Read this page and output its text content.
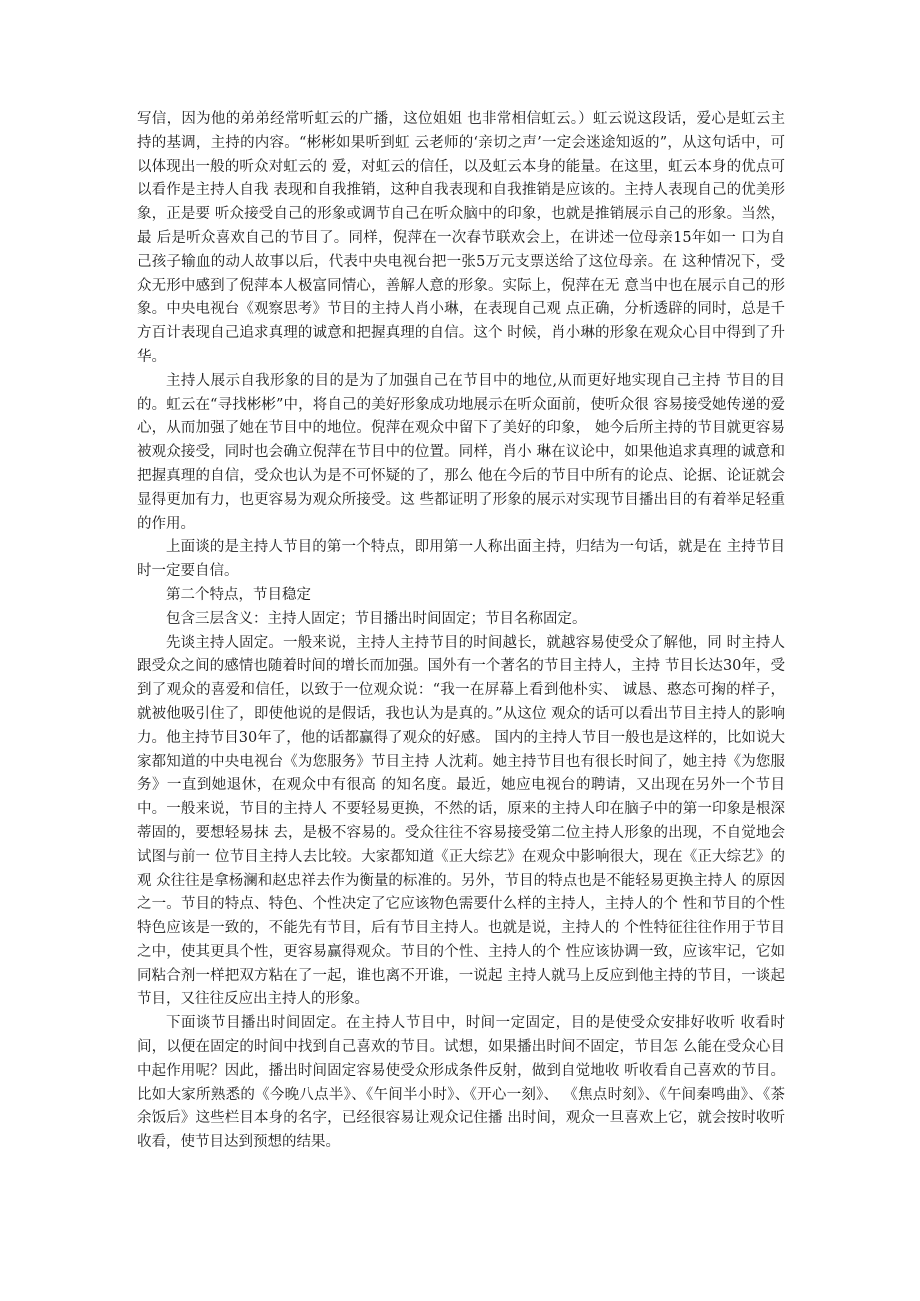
写信，因为他的弟弟经常听虹云的广播，这位姐姐 也非常相信虹云。）虹云说这段话，爱心是虹云主持的基调，主持的内容。“彬彬如果听到虹 云老师的‘亲切之声’一定会迷途知返的”，从这句话中，可以体现出一般的听众对虹云的 爱，对虹云的信任，以及虹云本身的能量。在这里，虹云本身的优点可以看作是主持人自我 表现和自我推销，这种自我表现和自我推销是应该的。主持人表现自己的优美形象，正是要 听众接受自己的形象或调节自己在听众脑中的印象，也就是推销展示自己的形象。当然，最 后是听众喜欢自己的节目了。同样，倪萍在一次春节联欢会上，在讲述一位母亲15年如一 口为自己孩子输血的动人故事以后，代表中央电视台把一张5万元支票送给了这位母亲。在 这种情况下，受众无形中感到了倪萍本人极富同情心，善解人意的形象。实际上，倪萍在无 意当中也在展示自己的形象。中央电视台《观察思考》节目的主持人肖小琳，在表现自己观 点正确，分析透辟的同时，总是千方百计表现自己追求真理的诚意和把握真理的自信。这个 时候，肖小琳的形象在观众心目中得到了升华。

主持人展示自我形象的目的是为了加强自己在节目中的地位,从而更好地实现自己主持 节目的目的。虹云在“寻找彬彬”中，将自己的美好形象成功地展示在听众面前，使听众很 容易接受她传递的爱心，从而加强了她在节目中的地位。倪萍在观众中留下了美好的印象， 她今后所主持的节目就更容易被观众接受，同时也会确立倪萍在节目中的位置。同样，肖小 琳在议论中，如果他追求真理的诚意和把握真理的自信，受众也认为是不可怀疑的了，那么 他在今后的节目中所有的论点、论据、论证就会显得更加有力，也更容易为观众所接受。这 些都证明了形象的展示对实现节目播出目的有着举足轻重的作用。

上面谈的是主持人节目的第一个特点，即用第一人称出面主持，归结为一句话，就是在 主持节目时一定要自信。

第二个特点，节目稳定

包含三层含义：主持人固定；节目播出时间固定；节目名称固定。

先谈主持人固定。一般来说，主持人主持节目的时间越长，就越容易使受众了解他，同 时主持人跟受众之间的感情也随着时间的增长而加强。国外有一个著名的节目主持人，主持 节目长达30年，受到了观众的喜爱和信任，以致于一位观众说：“我一在屏幕上看到他朴实、 诚恳、憨态可掬的样子，就被他吸引住了，即使他说的是假话，我也认为是真的。”从这位 观众的话可以看出节目主持人的影响力。他主持节目30年了，他的话都赢得了观众的好感。 国内的主持人节目一般也是这样的，比如说大家都知道的中央电视台《为您服务》节目主持 人沈莉。她主持节目也有很长时间了，她主持《为您服务》一直到她退休，在观众中有很高 的知名度。最近，她应电视台的聘请，又出现在另外一个节目中。一般来说，节目的主持人 不要轻易更换，不然的话，原来的主持人印在脑子中的第一印象是根深蒂固的，要想轻易抹 去，是极不容易的。受众往往不容易接受第二位主持人形象的出现，不自觉地会试图与前一 位节目主持人去比较。大家都知道《正大综艺》在观众中影响很大，现在《正大综艺》的观 众往往是拿杨澜和赵忠祥去作为衡量的标准的。另外，节目的特点也是不能轻易更换主持人 的原因之一。节目的特点、特色、个性决定了它应该物色需要什么样的主持人，主持人的个 性和节目的个性特色应该是一致的，不能先有节目，后有节目主持人。也就是说，主持人的 个性特征往往作用于节目之中，使其更具个性，更容易赢得观众。节目的个性、主持人的个 性应该协调一致，应该牢记，它如同粘合剂一样把双方粘在了一起，谁也离不开谁，一说起 主持人就马上反应到他主持的节目，一谈起节目，又往往反应出主持人的形象。

下面谈节目播出时间固定。在主持人节目中，时间一定固定，目的是使受众安排好收听 收看时间，以便在固定的时间中找到自己喜欢的节目。试想，如果播出时间不固定，节目怎 么能在受众心目中起作用呢？因此，播出时间固定容易使受众形成条件反射，做到自觉地收 听收看自己喜欢的节目。比如大家所熟悉的《今晚八点半》、《午间半小时》、《开心一刻》、 《焦点时刻》、《午间秦鸣曲》、《茶余饭后》这些栏目本身的名字，已经很容易让观众记住播 出时间，观众一旦喜欢上它，就会按时收听收看，使节目达到预想的结果。
